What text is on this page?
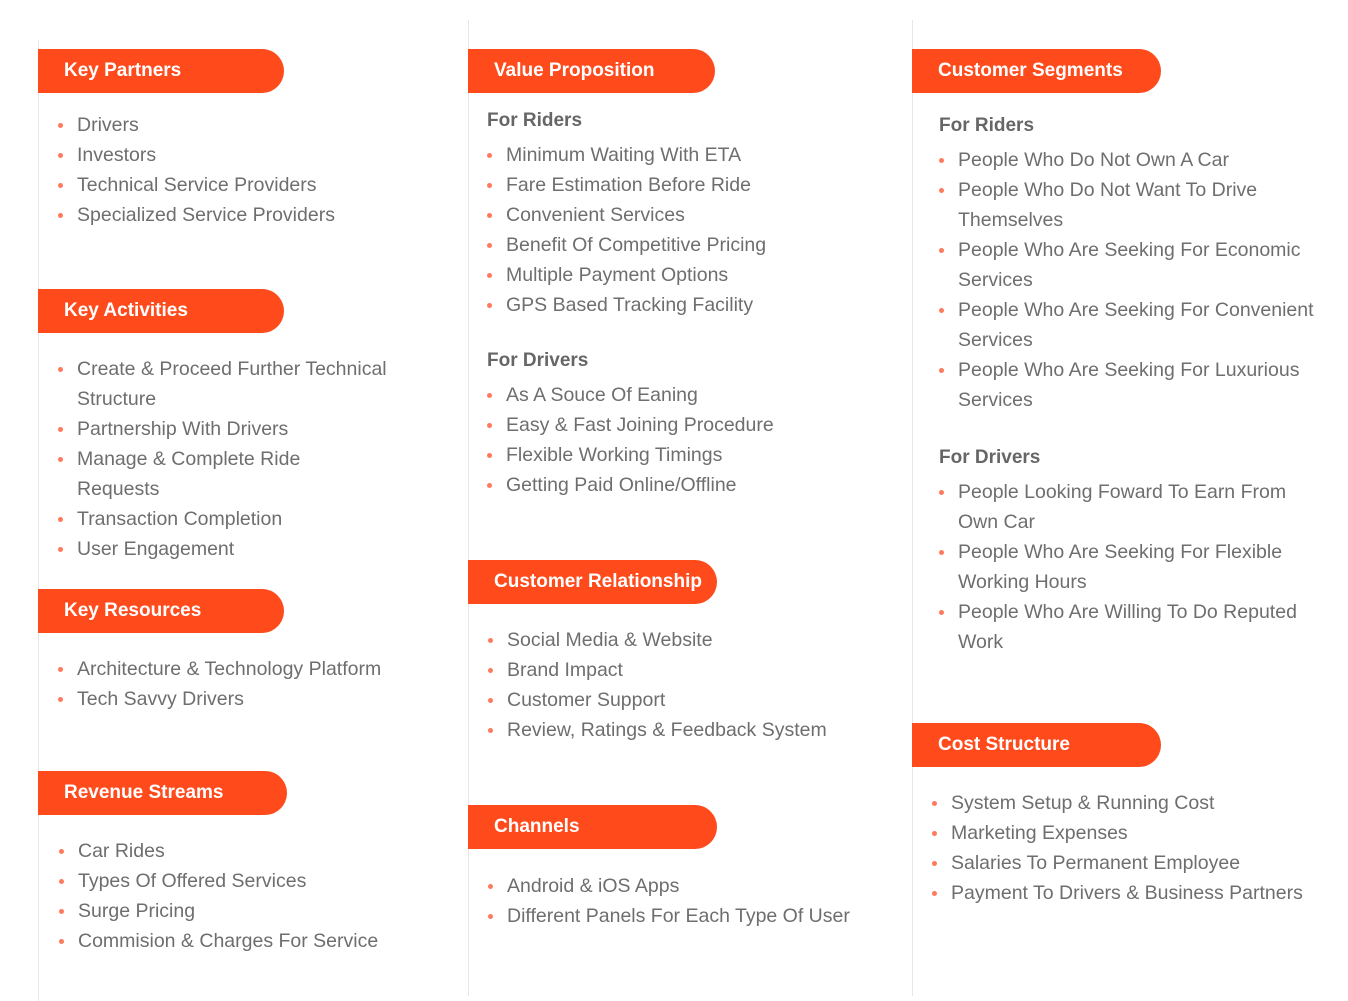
Key Partners
Drivers
Investors
Technical Service Providers
Specialized Service Providers
Key Activities
Create & Proceed Further Technical Structure
Partnership With Drivers
Manage & Complete Ride Requests
Transaction Completion
User Engagement
Key Resources
Architecture & Technology Platform
Tech Savvy Drivers
Revenue Streams
Car Rides
Types Of Offered Services
Surge Pricing
Commision & Charges For Service
Value Proposition
For Riders
Minimum Waiting With ETA
Fare Estimation Before Ride
Convenient Services
Benefit Of Competitive Pricing
Multiple Payment Options
GPS Based Tracking Facility
For Drivers
As A Souce Of Eaning
Easy & Fast Joining Procedure
Flexible Working Timings
Getting Paid Online/Offline
Customer Relationship
Social Media & Website
Brand Impact
Customer Support
Review, Ratings & Feedback System
Channels
Android & iOS Apps
Different Panels For Each Type Of User
Customer Segments
For Riders
People Who Do Not Own A Car
People Who Do Not Want To Drive Themselves
People Who Are Seeking For Economic Services
People Who Are Seeking For Convenient Services
People Who Are Seeking For Luxurious Services
For Drivers
People Looking Foward To Earn From Own Car
People Who Are Seeking For Flexible Working Hours
People Who Are Willing To Do Reputed Work
Cost Structure
System Setup & Running Cost
Marketing Expenses
Salaries To Permanent Employee
Payment To Drivers & Business Partners
